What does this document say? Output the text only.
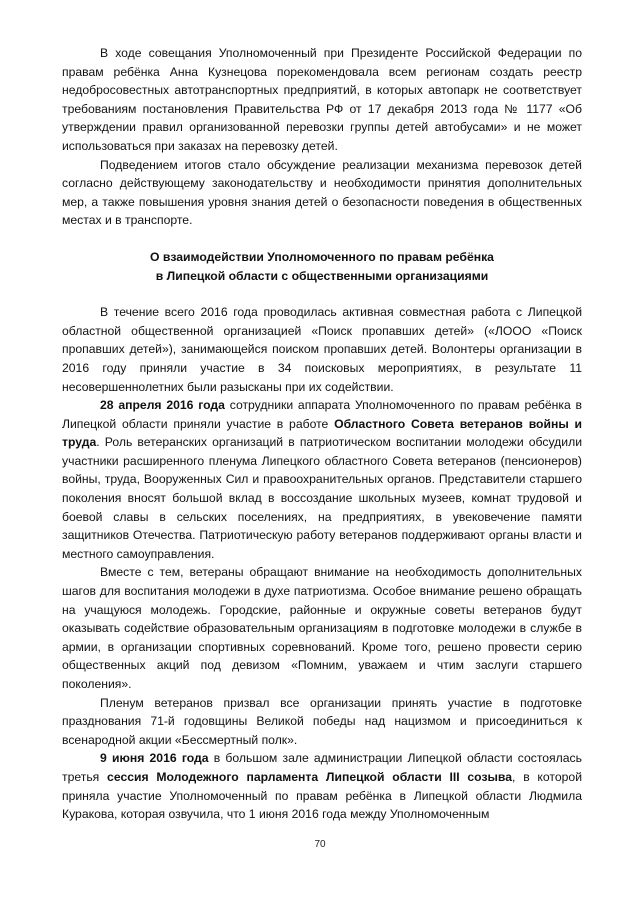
В ходе совещания Уполномоченный при Президенте Российской Федерации по правам ребёнка Анна Кузнецова порекомендовала всем регионам создать реестр недобросовестных автотранспортных предприятий, в которых автопарк не соответствует требованиям постановления Правительства РФ от 17 декабря 2013 года № 1177 «Об утверждении правил организованной перевозки группы детей автобусами» и не может использоваться при заказах на перевозку детей.

Подведением итогов стало обсуждение реализации механизма перевозок детей согласно действующему законодательству и необходимости принятия дополнительных мер, а также повышения уровня знания детей о безопасности поведения в общественных местах и в транспорте.

О взаимодействии Уполномоченного по правам ребёнка
в Липецкой области с общественными организациями

В течение всего 2016 года проводилась активная совместная работа с Липецкой областной общественной организацией «Поиск пропавших детей» («ЛООО «Поиск пропавших детей»), занимающейся поиском пропавших детей. Волонтеры организации в 2016 году приняли участие в 34 поисковых мероприятиях, в результате 11 несовершеннолетних были разысканы при их содействии.

28 апреля 2016 года сотрудники аппарата Уполномоченного по правам ребёнка в Липецкой области приняли участие в работе Областного Совета ветеранов войны и труда. Роль ветеранских организаций в патриотическом воспитании молодежи обсудили участники расширенного пленума Липецкого областного Совета ветеранов (пенсионеров) войны, труда, Вооруженных Сил и правоохранительных органов. Представители старшего поколения вносят большой вклад в воссоздание школьных музеев, комнат трудовой и боевой славы в сельских поселениях, на предприятиях, в увековечение памяти защитников Отечества. Патриотическую работу ветеранов поддерживают органы власти и местного самоуправления.

Вместе с тем, ветераны обращают внимание на необходимость дополнительных шагов для воспитания молодежи в духе патриотизма. Особое внимание решено обращать на учащуюся молодежь. Городские, районные и окружные советы ветеранов будут оказывать содействие образовательным организациям в подготовке молодежи в службе в армии, в организации спортивных соревнований. Кроме того, решено провести серию общественных акций под девизом «Помним, уважаем и чтим заслуги старшего поколения».

Пленум ветеранов призвал все организации принять участие в подготовке празднования 71-й годовщины Великой победы над нацизмом и присоединиться к всенародной акции «Бессмертный полк».

9 июня 2016 года в большом зале администрации Липецкой области состоялась третья сессия Молодежного парламента Липецкой области III созыва, в которой приняла участие Уполномоченный по правам ребёнка в Липецкой области Людмила Куракова, которая озвучила, что 1 июня 2016 года между Уполномоченным

70
